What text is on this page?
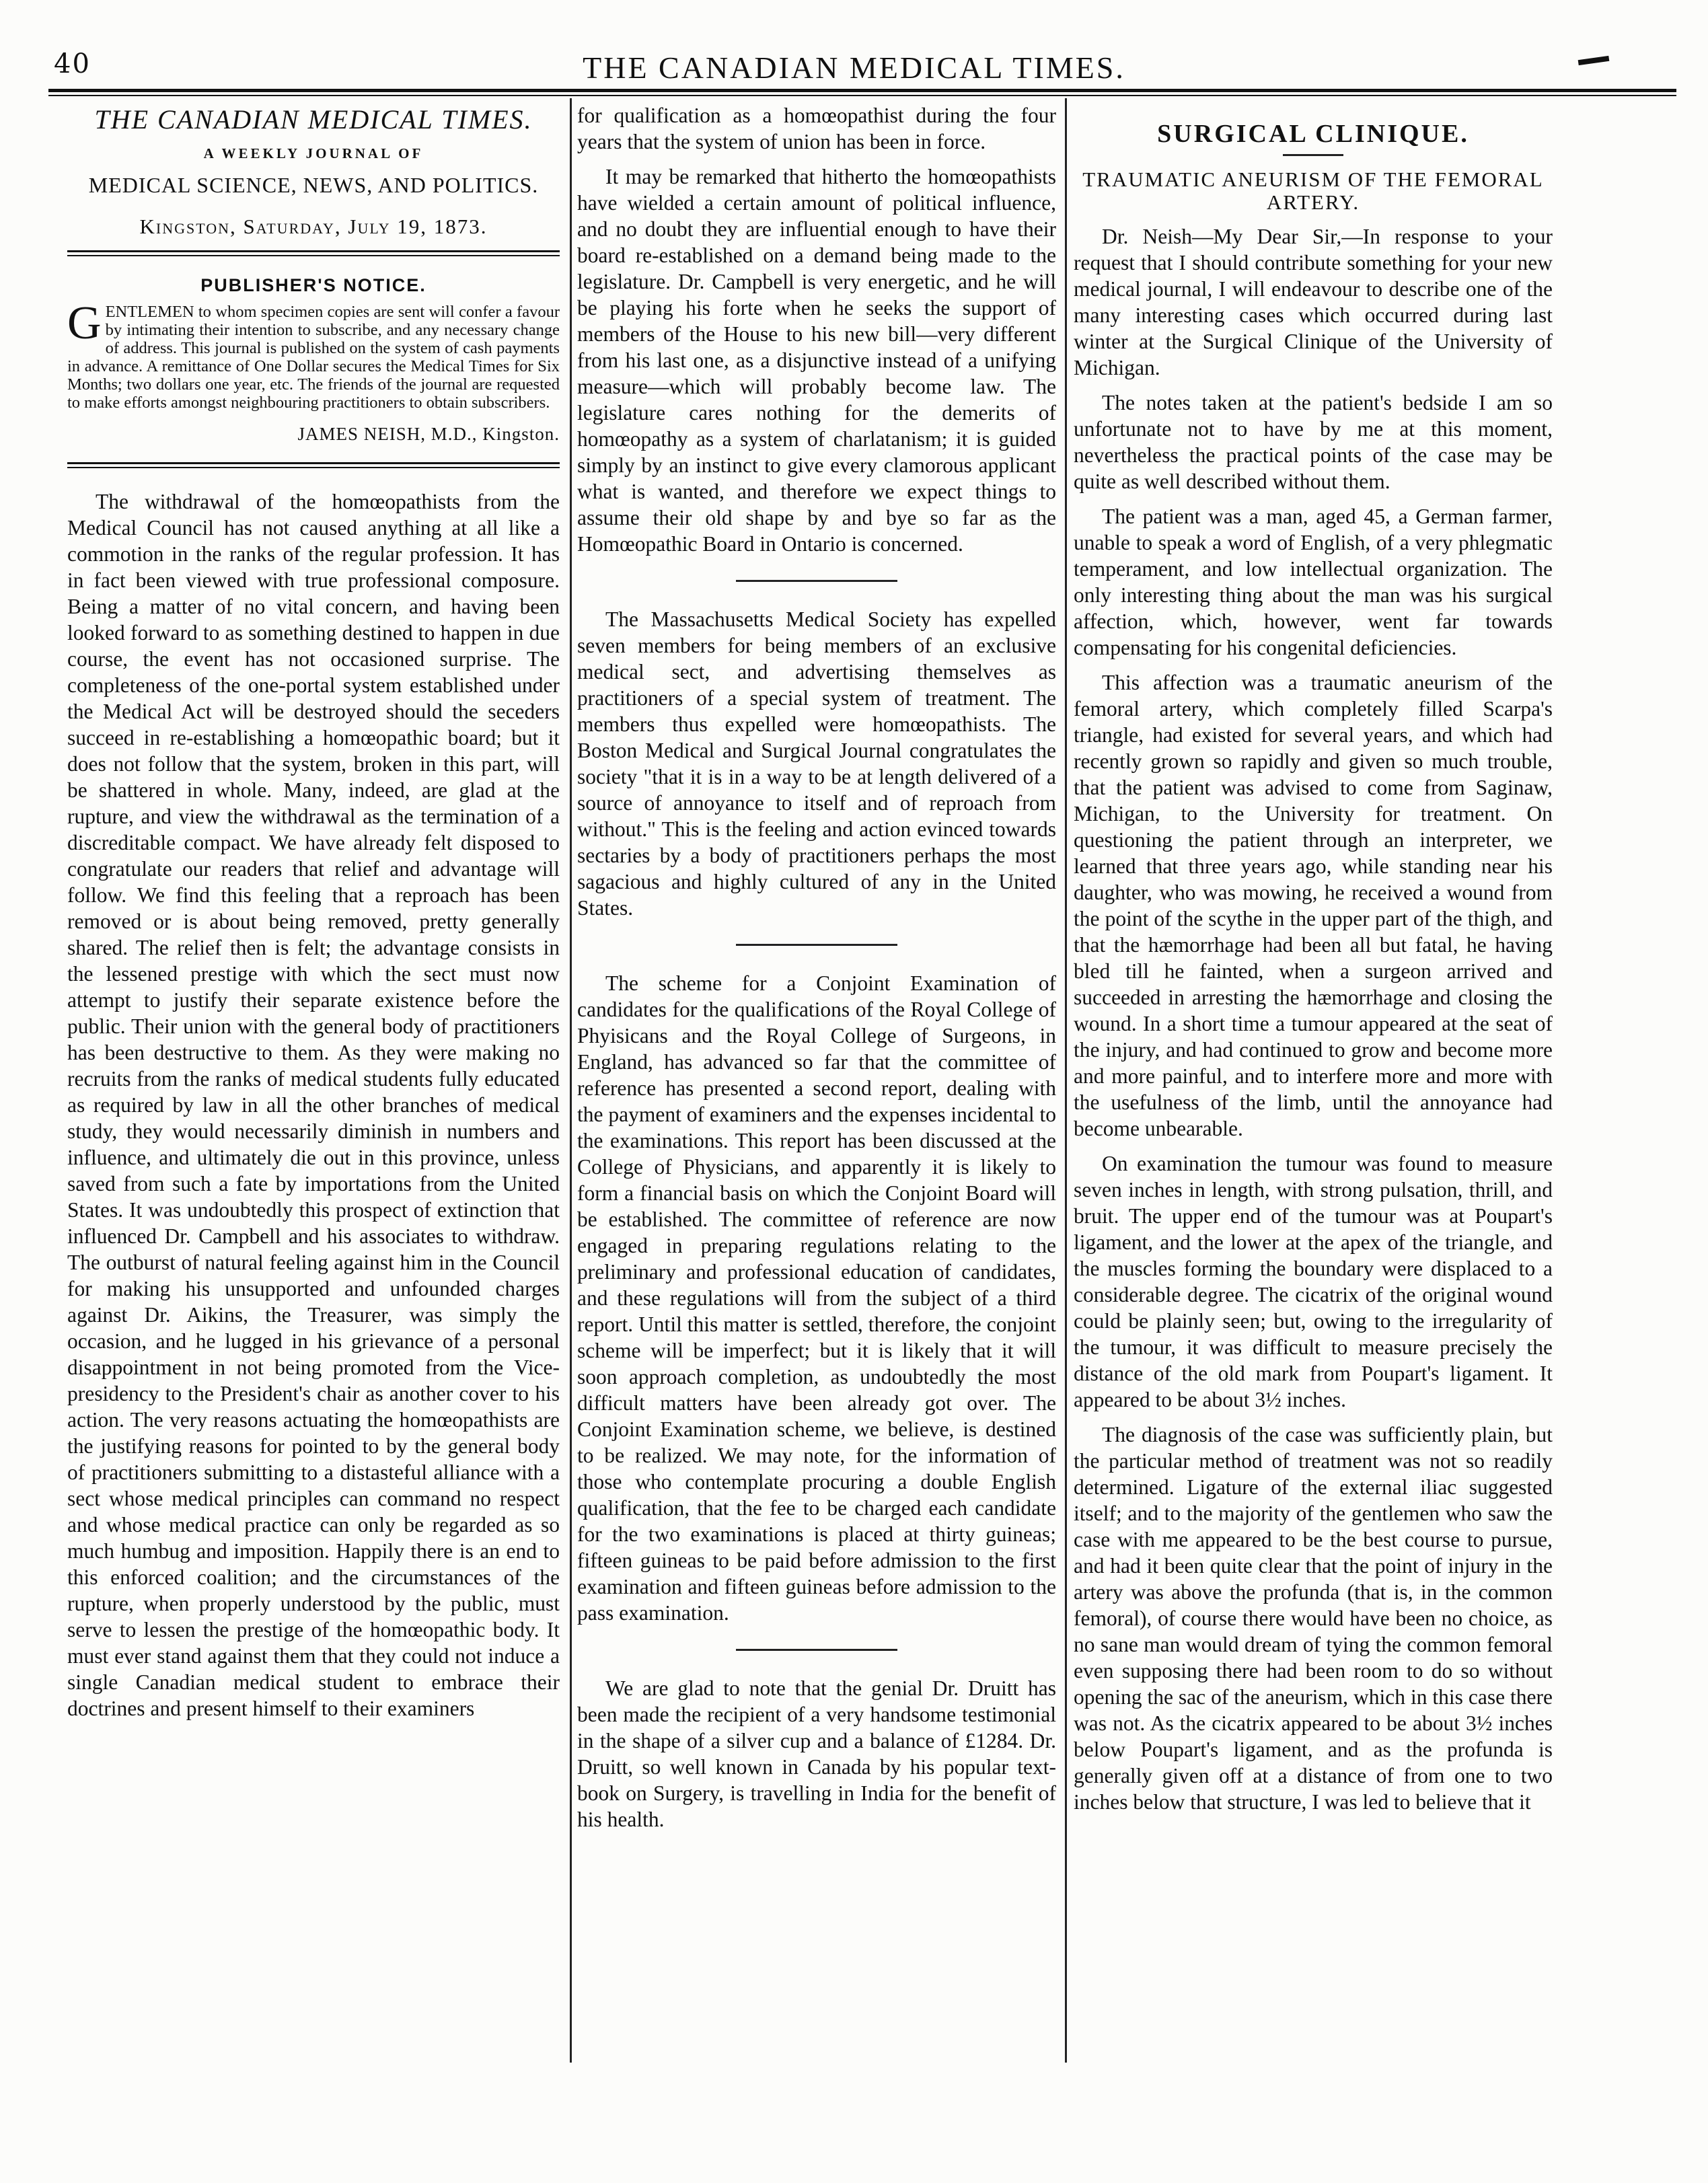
40	THE CANADIAN MEDICAL TIMES.
THE CANADIAN MEDICAL TIMES.
A WEEKLY JOURNAL OF
MEDICAL SCIENCE, NEWS, AND POLITICS.
Kingston, Saturday, July 19, 1873.
PUBLISHER'S NOTICE.
GENTLEMEN to whom specimen copies are sent will confer a favour by intimating their intention to subscribe, and any necessary change of address. This journal is published on the system of cash payments in advance. A remittance of One Dollar secures the Medical Times for Six Months; two dollars one year, etc. The friends of the journal are requested to make efforts amongst neighbouring practitioners to obtain subscribers.
JAMES NEISH, M.D., Kingston.

The withdrawal of the homœopathists from the Medical Council has not caused anything at all like a commotion in the ranks of the regular profession. It has in fact been viewed with true professional composure. Being a matter of no vital concern, and having been looked forward to as something destined to happen in due course, the event has not occasioned surprise. The completeness of the one-portal system established under the Medical Act will be destroyed should the seceders succeed in re-establishing a homœopathic board; but it does not follow that the system, broken in this part, will be shattered in whole. Many, indeed, are glad at the rupture, and view the withdrawal as the termination of a discreditable compact. We have already felt disposed to congratulate our readers that relief and advantage will follow. We find this feeling that a reproach has been removed or is about being removed, pretty generally shared. The relief then is felt; the advantage consists in the lessened prestige with which the sect must now attempt to justify their separate existence before the public. Their union with the general body of practitioners has been destructive to them. As they were making no recruits from the ranks of medical students fully educated as required by law in all the other branches of medical study, they would necessarily diminish in numbers and influence, and ultimately die out in this province, unless saved from such a fate by importations from the United States. It was undoubtedly this prospect of extinction that influenced Dr. Campbell and his associates to withdraw. The outburst of natural feeling against him in the Council for making his unsupported and unfounded charges against Dr. Aikins, the Treasurer, was simply the occasion, and he lugged in his grievance of a personal disappointment in not being promoted from the Vice-presidency to the President's chair as another cover to his action. The very reasons actuating the homœopathists are the justifying reasons for pointed to by the general body of practitioners submitting to a distasteful alliance with a sect whose medical principles can command no respect and whose medical practice can only be regarded as so much humbug and imposition. Happily there is an end to this enforced coalition; and the circumstances of the rupture, when properly understood by the public, must serve to lessen the prestige of the homœopathic body. It must ever stand against them that they could not induce a single Canadian medical student to embrace their doctrines and present himself to their examiners

for qualification as a homœopathist during the four years that the system of union has been in force.

It may be remarked that hitherto the homœopathists have wielded a certain amount of political influence, and no doubt they are influential enough to have their board re-established on a demand being made to the legislature. Dr. Campbell is very energetic, and he will be playing his forte when he seeks the support of members of the House to his new bill—very different from his last one, as a disjunctive instead of a unifying measure—which will probably become law. The legislature cares nothing for the demerits of homœopathy as a system of charlatanism; it is guided simply by an instinct to give every clamorous applicant what is wanted, and therefore we expect things to assume their old shape by and bye so far as the Homœopathic Board in Ontario is concerned.

The Massachusetts Medical Society has expelled seven members for being members of an exclusive medical sect, and advertising themselves as practitioners of a special system of treatment. The members thus expelled were homœopathists. The Boston Medical and Surgical Journal congratulates the society "that it is in a way to be at length delivered of a source of annoyance to itself and of reproach from without." This is the feeling and action evinced towards sectaries by a body of practitioners perhaps the most sagacious and highly cultured of any in the United States.

The scheme for a Conjoint Examination of candidates for the qualifications of the Royal College of Phyisicans and the Royal College of Surgeons, in England, has advanced so far that the committee of reference has presented a second report, dealing with the payment of examiners and the expenses incidental to the examinations. This report has been discussed at the College of Physicians, and apparently it is likely to form a financial basis on which the Conjoint Board will be established. The committee of reference are now engaged in preparing regulations relating to the preliminary and professional education of candidates, and these regulations will from the subject of a third report. Until this matter is settled, therefore, the conjoint scheme will be imperfect; but it is likely that it will soon approach completion, as undoubtedly the most difficult matters have been already got over. The Conjoint Examination scheme, we believe, is destined to be realized. We may note, for the information of those who contemplate procuring a double English qualification, that the fee to be charged each candidate for the two examinations is placed at thirty guineas; fifteen guineas to be paid before admission to the first examination and fifteen guineas before admission to the pass examination.

We are glad to note that the genial Dr. Druitt has been made the recipient of a very handsome testimonial in the shape of a silver cup and a balance of £1284. Dr. Druitt, so well known in Canada by his popular text-book on Surgery, is travelling in India for the benefit of his health.

SURGICAL CLINIQUE.
TRAUMATIC ANEURISM OF THE FEMORAL ARTERY.

Dr. Neish—My Dear Sir,—In response to your request that I should contribute something for your new medical journal, I will endeavour to describe one of the many interesting cases which occurred during last winter at the Surgical Clinique of the University of Michigan.

The notes taken at the patient's bedside I am so unfortunate not to have by me at this moment, nevertheless the practical points of the case may be quite as well described without them.

The patient was a man, aged 45, a German farmer, unable to speak a word of English, of a very phlegmatic temperament, and low intellectual organization. The only interesting thing about the man was his surgical affection, which, however, went far towards compensating for his congenital deficiencies.

This affection was a traumatic aneurism of the femoral artery, which completely filled Scarpa's triangle, had existed for several years, and which had recently grown so rapidly and given so much trouble, that the patient was advised to come from Saginaw, Michigan, to the University for treatment. On questioning the patient through an interpreter, we learned that three years ago, while standing near his daughter, who was mowing, he received a wound from the point of the scythe in the upper part of the thigh, and that the hæmorrhage had been all but fatal, he having bled till he fainted, when a surgeon arrived and succeeded in arresting the hæmorrhage and closing the wound. In a short time a tumour appeared at the seat of the injury, and had continued to grow and become more and more painful, and to interfere more and more with the usefulness of the limb, until the annoyance had become unbearable.

On examination the tumour was found to measure seven inches in length, with strong pulsation, thrill, and bruit. The upper end of the tumour was at Poupart's ligament, and the lower at the apex of the triangle, and the muscles forming the boundary were displaced to a considerable degree. The cicatrix of the original wound could be plainly seen; but, owing to the irregularity of the tumour, it was difficult to measure precisely the distance of the old mark from Poupart's ligament. It appeared to be about 3½ inches.

The diagnosis of the case was sufficiently plain, but the particular method of treatment was not so readily determined. Ligature of the external iliac suggested itself; and to the majority of the gentlemen who saw the case with me appeared to be the best course to pursue, and had it been quite clear that the point of injury in the artery was above the profunda (that is, in the common femoral), of course there would have been no choice, as no sane man would dream of tying the common femoral even supposing there had been room to do so without opening the sac of the aneurism, which in this case there was not. As the cicatrix appeared to be about 3½ inches below Poupart's ligament, and as the profunda is generally given off at a distance of from one to two inches below that structure, I was led to believe that it
